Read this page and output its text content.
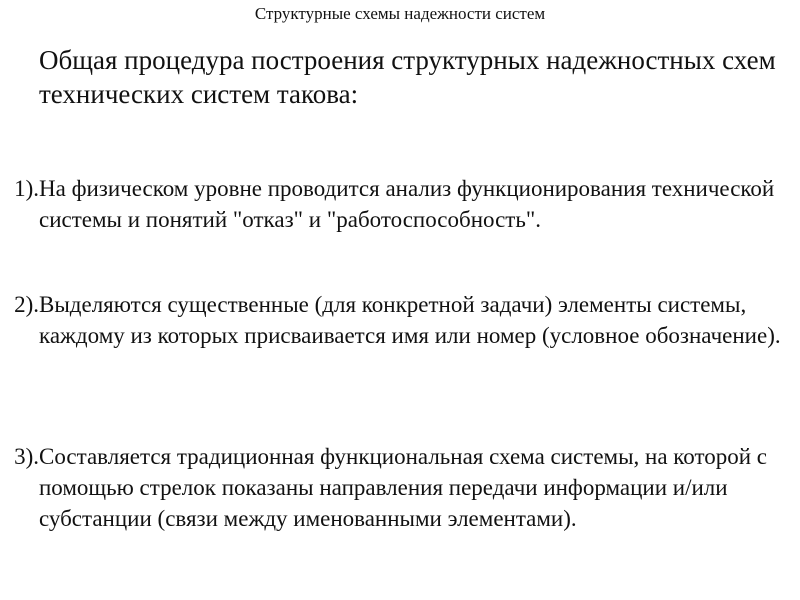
Структурные схемы надежности систем

Общая процедура построения структурных надежностных схем технических систем такова:

1). На физическом уровне проводится анализ функционирования технической системы и понятий "отказ" и "работоспособность".

2). Выделяются существенные (для конкретной задачи) элементы системы, каждому из которых присваивается имя или номер (условное обозначение).

3). Составляется традиционная функциональная схема системы, на которой с помощью стрелок показаны направления передачи информации и/или субстанции (связи между именованными элементами).
